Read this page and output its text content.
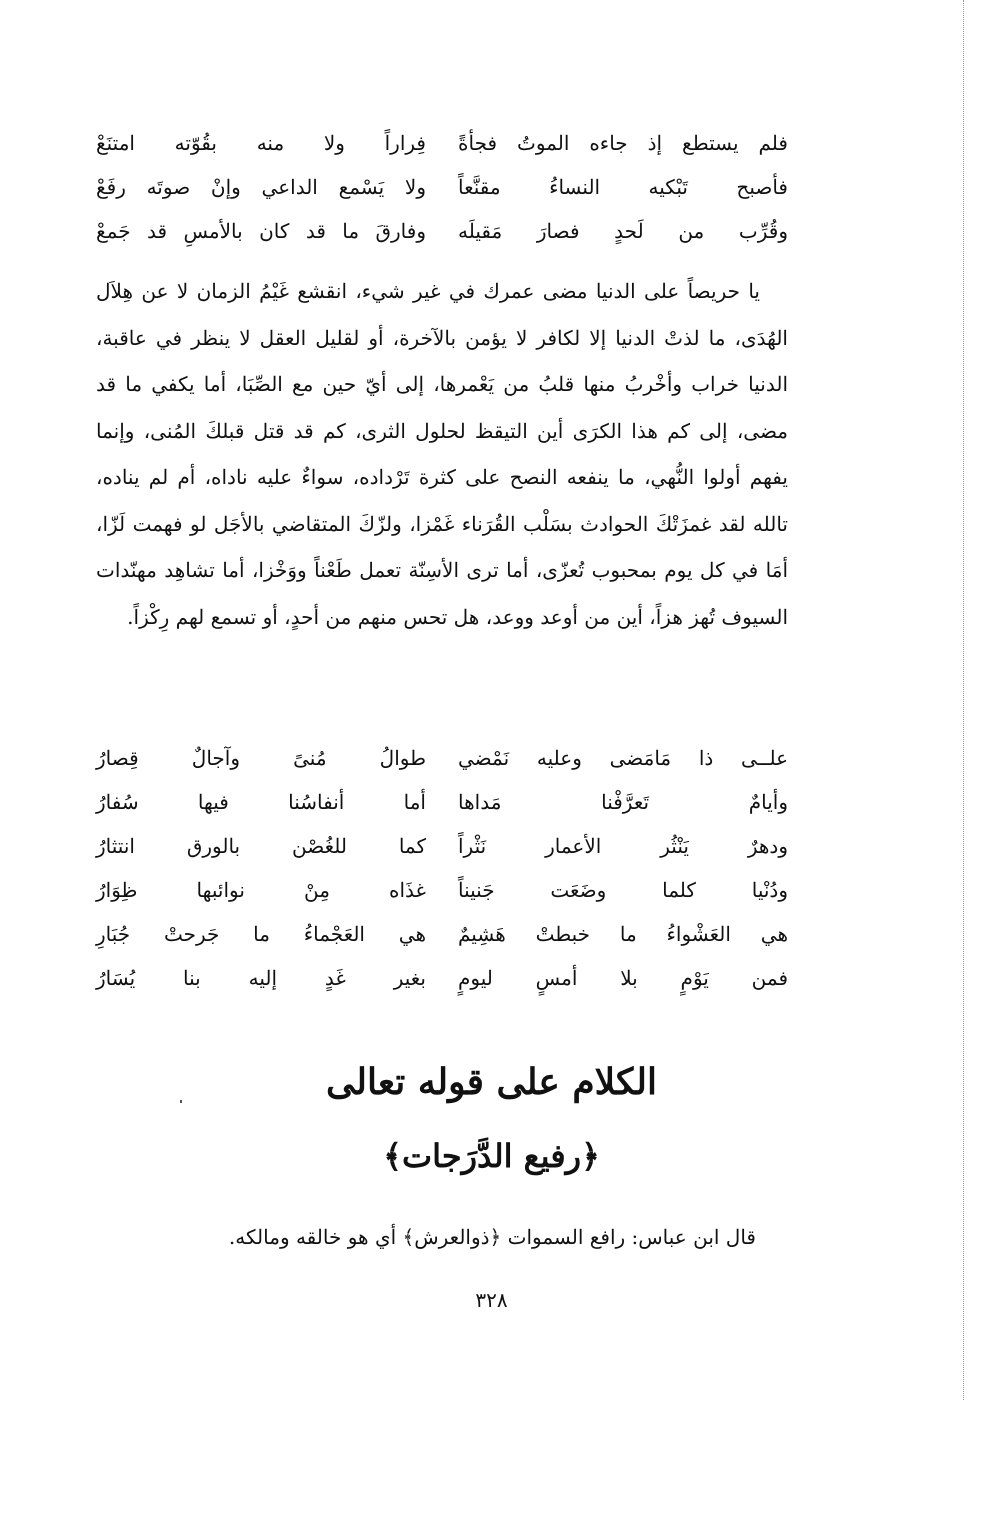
فلم يستطع إذ جاءه الموتُ فجأةً
فِراراً ولا منه بقُوّته امتنَعْ
فأصبح تَبْكيه النساءُ مقنَّعاً
ولا يَسْمع الداعي وإنْ صوتَه رفَعْ
وقُرِّب من لَحدٍ فصارَ مَقيلَه
وفارقَ ما قد كان بالأمسِ قد جَمعْ

يا حريصاً على الدنيا مضى عمرك في غير شيء، انقشع غَيْمُ الزمان لا عن هِلاَل الهُدَى، ما لذتْ الدنيا إلا لكافر لا يؤمن بالآخرة، أو لقليل العقل لا ينظر في عاقبة، الدنيا خراب وأخْربُ منها قلبُ من يَعْمرها، إلى أيّ حين مع الصِّبَا، أما يكفي ما قد مضى، إلى كم هذا الكرَى أين التيقظ لحلول الثرى، كم قد قتل قبلكَ المُنى، وإنما يفهم أولوا النُّهي، ما ينفعه النصح على كثرة تَرْداده، سواءٌ عليه ناداه، أم لم يناده، تالله لقد غمزَتْكَ الحوادث بسَلْب القُرَناء غَمْزا، ولزّكَ المتقاضي بالأجَل لو فهمت لَزّا، أمَا في كل يوم بمحبوب تُعزّى، أما ترى الأسِنّة تعمل طَعْناً ووَخْزا، أما تشاهِد مهنّدات السيوف تُهز هزاً، أين من أوعد ووعد، هل تحس منهم من أحدٍ، أو تسمع لهم رِكْزاً.

علــى ذا مَامَضى وعليه نَمْضي
طوالُ مُنىً وآجالٌ قِصارُ
وأيامٌ تَعرَّفْنا مَداها
أما أنفاسُنا فيها سُفارُ
ودهرٌ يَنْثُر الأعمار نَثْراً
كما للغُصْن بالورق انتثارُ
ودُنْيا كلما وضَعَت جَنيناً
غذَاه مِنْ نوائبها ظِوَارُ
هي العَشْواءُ ما خبطتْ هَشِيمٌ
هي العَجْماءُ ما جَرحتْ جُبَارِ
فمن يَوْمٍ بلا أمسٍ ليومٍ
بغير غَدٍ إليه بنا يُسَارُ
الكلام على قوله تعالى
﴿رفيع الدَّرَجات﴾
قال ابن عباس: رافع السموات ﴿ذوالعرش﴾ أي هو خالقه ومالكه.
٣٢٨
